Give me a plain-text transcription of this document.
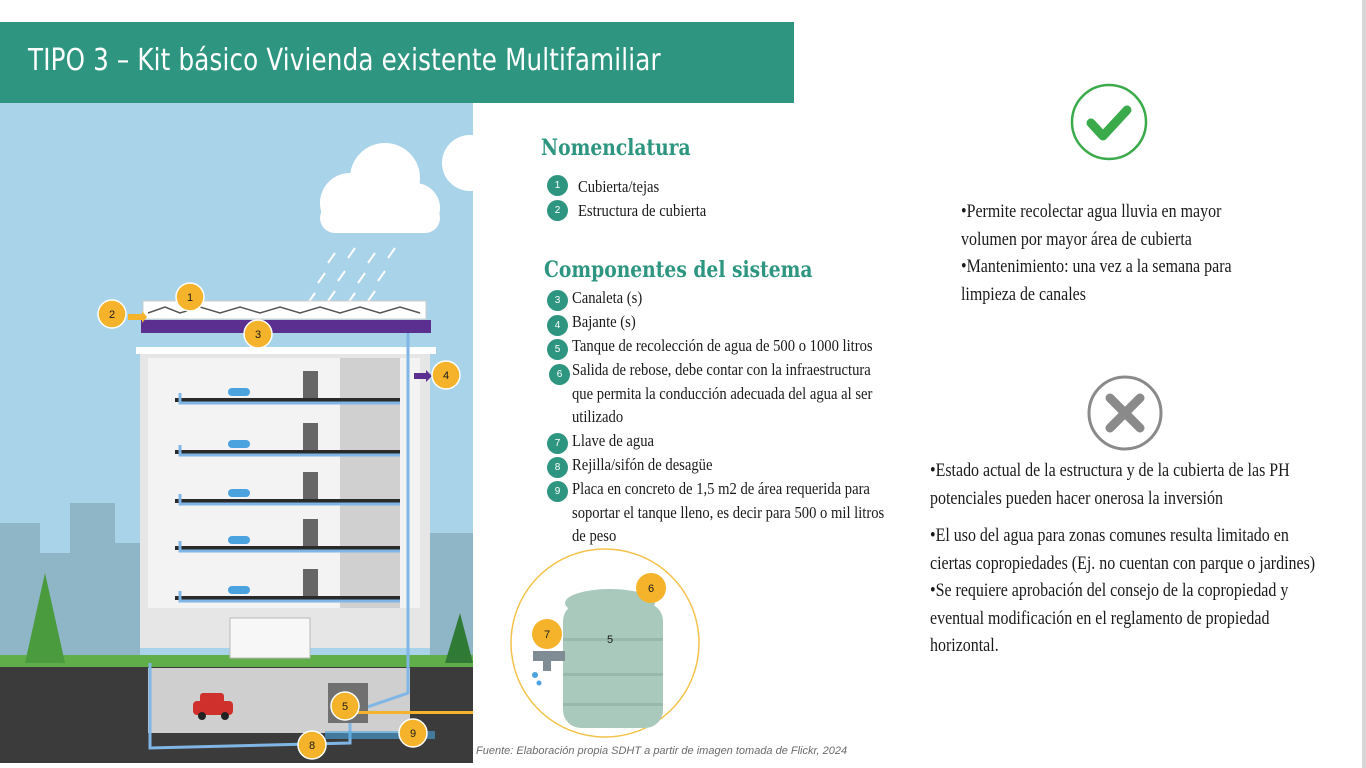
TIPO 3 – Kit básico Vivienda existente Multifamiliar
1
2
3
4
5
8
9
6
7	5
Nomenclatura
1	Cubierta/tejas
2	Estructura de cubierta
Componentes del sistema
3 Canaleta (s)
4 Bajante (s)
5 Tanque de recolección de agua de 500 o 1000 litros
6 Salida de rebose, debe contar con la infraestructura
que permita la conducción adecuada del agua al ser
utilizado
7 Llave de agua
8 Rejilla/sifón de desagüe
9 Placa en concreto de 1,5 m2 de área requerida para
soportar el tanque lleno, es decir para 500 o mil litros
de peso
•Permite recolectar agua lluvia en mayor
volumen por mayor área de cubierta
•Mantenimiento: una vez a la semana para
limpieza de canales
•Estado actual de la estructura y de la cubierta de las PH
potenciales pueden hacer onerosa la inversión
•El uso del agua para zonas comunes resulta limitado en
ciertas copropiedades (Ej. no cuentan con parque o jardines)
•Se requiere aprobación del consejo de la copropiedad y
eventual modificación en el reglamento de propiedad
horizontal.
Fuente: Elaboración propia SDHT a partir de imagen tomada de Flickr, 2024
